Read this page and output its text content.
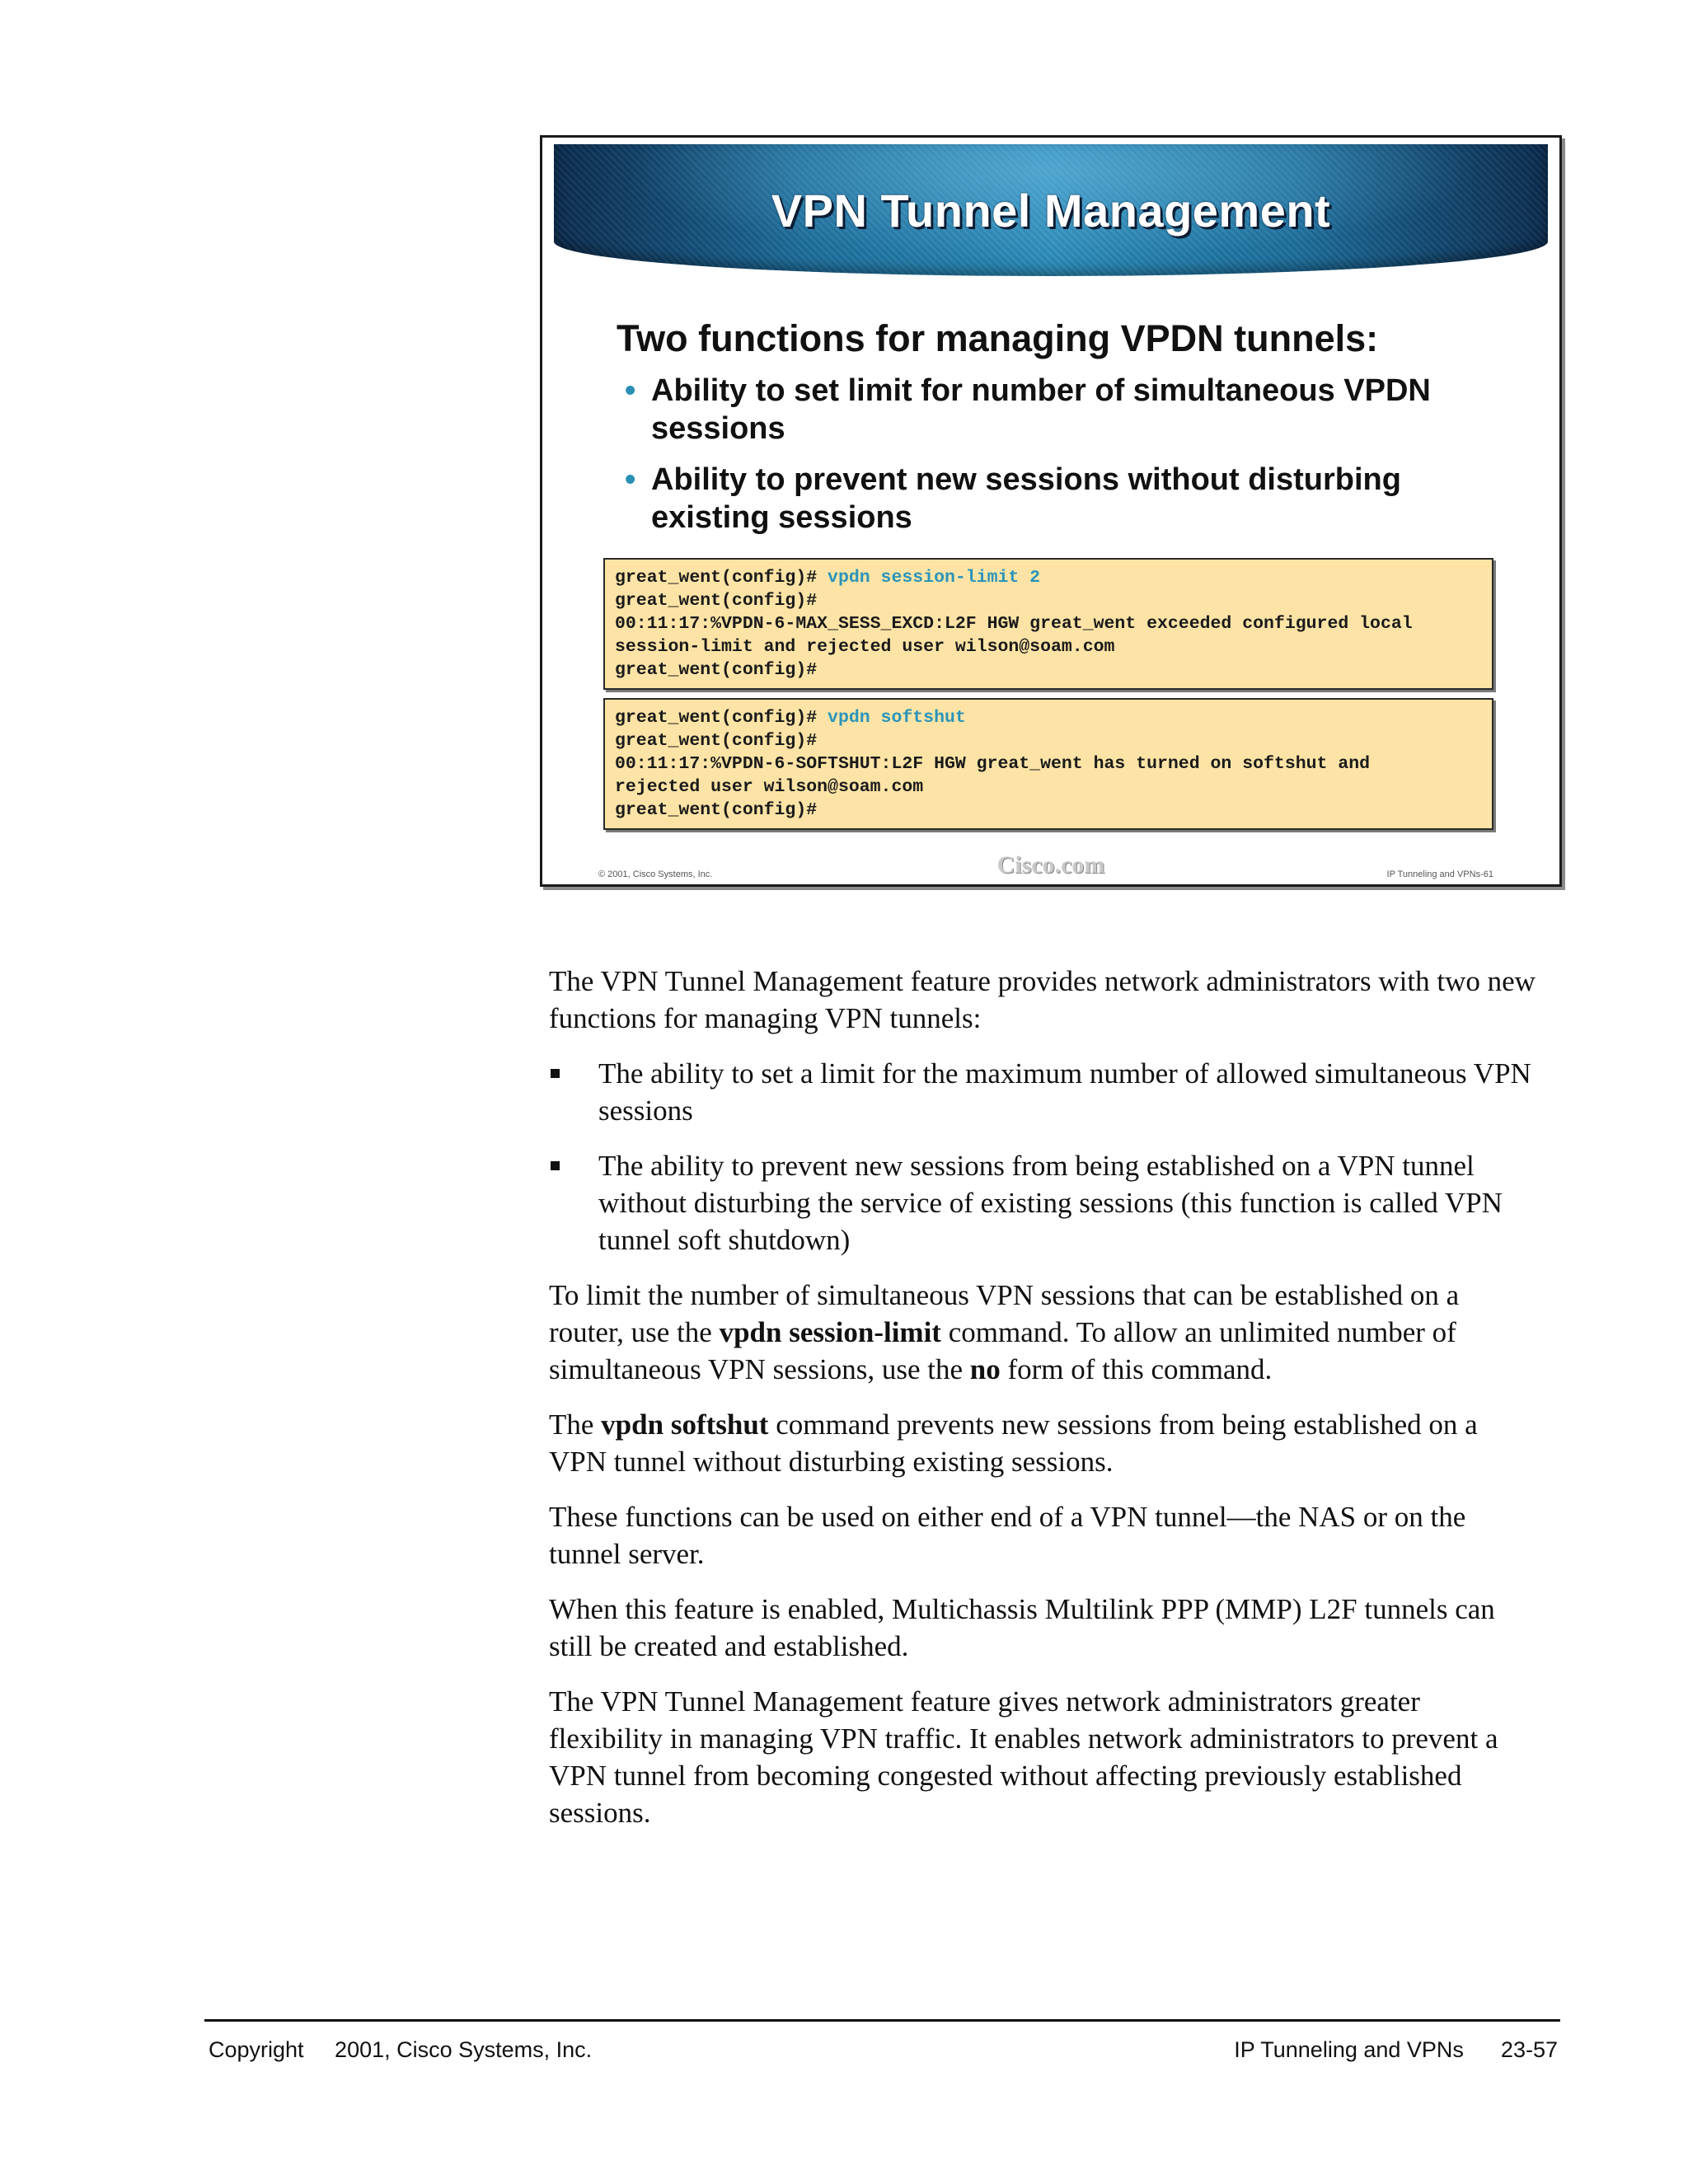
VPN Tunnel Management
Two functions for managing VPDN tunnels:
• Ability to set limit for number of simultaneous VPDN sessions
• Ability to prevent new sessions without disturbing existing sessions
great_went(config)# vpdn session-limit 2
great_went(config)#
00:11:17:%VPDN-6-MAX_SESS_EXCD:L2F HGW great_went exceeded configured local
session-limit and rejected user wilson@soam.com
great_went(config)#
great_went(config)# vpdn softshut
great_went(config)#
00:11:17:%VPDN-6-SOFTSHUT:L2F HGW great_went has turned on softshut and
rejected user wilson@soam.com
great_went(config)#
© 2001, Cisco Systems, Inc.	Cisco.com	IP Tunneling and VPNs-61

The VPN Tunnel Management feature provides network administrators with two new functions for managing VPN tunnels:

The ability to set a limit for the maximum number of allowed simultaneous VPN sessions
The ability to prevent new sessions from being established on a VPN tunnel without disturbing the service of existing sessions (this function is called VPN tunnel soft shutdown)

To limit the number of simultaneous VPN sessions that can be established on a router, use the vpdn session-limit command. To allow an unlimited number of simultaneous VPN sessions, use the no form of this command.

The vpdn softshut command prevents new sessions from being established on a VPN tunnel without disturbing existing sessions.

These functions can be used on either end of a VPN tunnel—the NAS or on the tunnel server.

When this feature is enabled, Multichassis Multilink PPP (MMP) L2F tunnels can still be created and established.

The VPN Tunnel Management feature gives network administrators greater flexibility in managing VPN traffic. It enables network administrators to prevent a VPN tunnel from becoming congested without affecting previously established sessions.

Copyright     2001, Cisco Systems, Inc.	IP Tunneling and VPNs      23-57
